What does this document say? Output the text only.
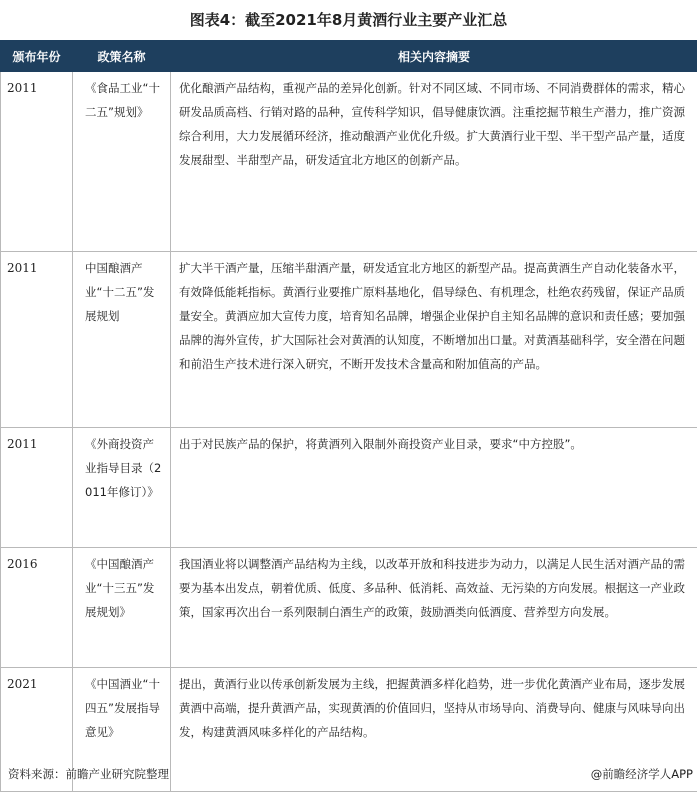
图表4：截至2021年8月黄酒行业主要产业汇总
颁布年份	政策名称	相关内容摘要
2011	《食品工业“十二五”规划》	优化酿酒产品结构，重视产品的差异化创新。针对不同区域、不同市场、不同消费群体的需求，精心研发品质高档、行销对路的品种，宣传科学知识，倡导健康饮酒。注重挖掘节粮生产潜力，推广资源综合利用，大力发展循环经济，推动酿酒产业优化升级。扩大黄酒行业干型、半干型产品产量，适度发展甜型、半甜型产品，研发适宜北方地区的创新产品。
2011	中国酿酒产业“十二五”发展规划	扩大半干酒产量，压缩半甜酒产量，研发适宜北方地区的新型产品。提高黄酒生产自动化装备水平，有效降低能耗指标。黄酒行业要推广原料基地化，倡导绿色、有机理念，杜绝农药残留，保证产品质量安全。黄酒应加大宣传力度，培育知名品牌，增强企业保护自主知名品牌的意识和责任感；要加强品牌的海外宣传，扩大国际社会对黄酒的认知度，不断增加出口量。对黄酒基础科学，安全潜在问题和前沿生产技术进行深入研究，不断开发技术含量高和附加值高的产品。
2011	《外商投资产业指导目录（2011年修订）》	出于对民族产品的保护，将黄酒列入限制外商投资产业目录，要求“中方控股”。
2016	《中国酿酒产业“十三五”发展规划》	我国酒业将以调整酒产品结构为主线，以改革开放和科技进步为动力，以满足人民生活对酒产品的需要为基本出发点，朝着优质、低度、多品种、低消耗、高效益、无污染的方向发展。根据这一产业政策，国家再次出台一系列限制白酒生产的政策，鼓励酒类向低酒度、营养型方向发展。
2021	《中国酒业“十四五”发展指导意见》	提出，黄酒行业以传承创新发展为主线，把握黄酒多样化趋势，进一步优化黄酒产业布局，逐步发展黄酒中高端，提升黄酒产品，实现黄酒的价值回归，坚持从市场导向、消费导向、健康与风味导向出发，构建黄酒风味多样化的产品结构。
资料来源：前瞻产业研究院整理	@前瞻经济学人APP
